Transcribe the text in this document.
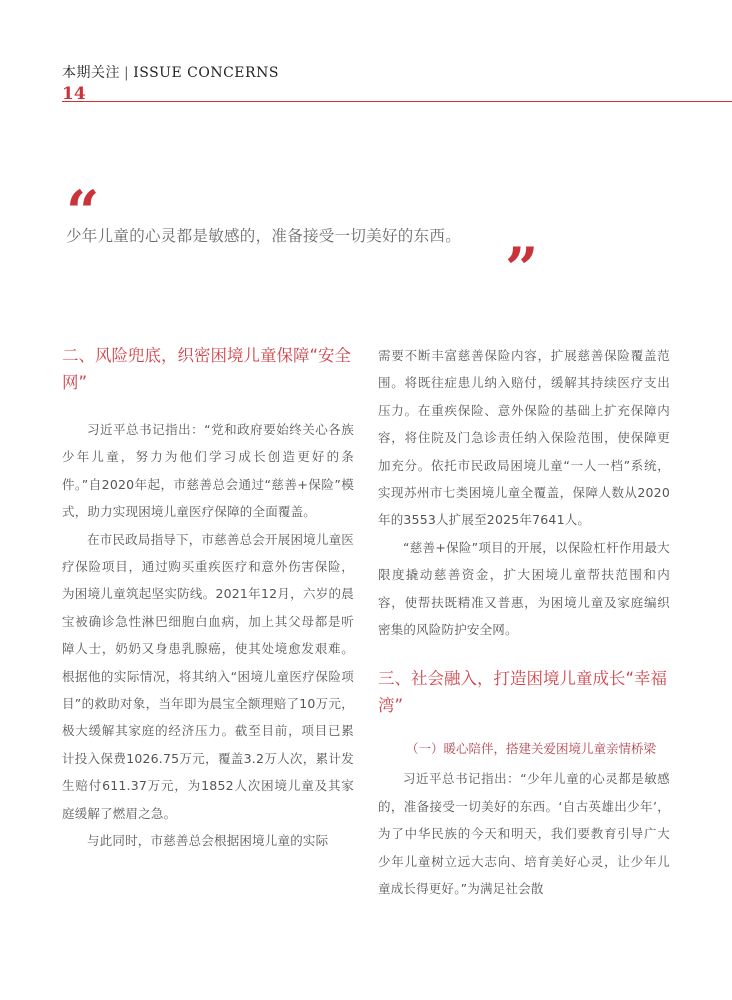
本期关注 | ISSUE CONCERNS
14
“
少年儿童的心灵都是敏感的，准备接受一切美好的东西。 ”
二、风险兜底，织密困境儿童保障“安全网”

习近平总书记指出：“党和政府要始终关心各族少年儿童，努力为他们学习成长创造更好的条件。”自2020年起，市慈善总会通过“慈善+保险”模式，助力实现困境儿童医疗保障的全面覆盖。

在市民政局指导下，市慈善总会开展困境儿童医疗保险项目，通过购买重疾医疗和意外伤害保险，为困境儿童筑起坚实防线。2021年12月，六岁的晨宝被确诊急性淋巴细胞白血病，加上其父母都是听障人士，奶奶又身患乳腺癌，使其处境愈发艰难。根据他的实际情况，将其纳入“困境儿童医疗保险项目”的救助对象，当年即为晨宝全额理赔了10万元，极大缓解其家庭的经济压力。截至目前，项目已累计投入保费1026.75万元，覆盖3.2万人次，累计发生赔付611.37万元，为1852人次困境儿童及其家庭缓解了燃眉之急。

与此同时，市慈善总会根据困境儿童的实际

需要不断丰富慈善保险内容，扩展慈善保险覆盖范围。将既往症患儿纳入赔付，缓解其持续医疗支出压力。在重疾保险、意外保险的基础上扩充保障内容，将住院及门急诊责任纳入保险范围，使保障更加充分。依托市民政局困境儿童“一人一档”系统，实现苏州市七类困境儿童全覆盖，保障人数从2020年的3553人扩展至2025年7641人。

“慈善+保险”项目的开展，以保险杠杆作用最大限度撬动慈善资金，扩大困境儿童帮扶范围和内容，使帮扶既精准又普惠，为困境儿童及家庭编织密集的风险防护安全网。

三、社会融入，打造困境儿童成长“幸福湾”
（一）暖心陪伴，搭建关爱困境儿童亲情桥梁

习近平总书记指出：“少年儿童的心灵都是敏感的，准备接受一切美好的东西。‘自古英雄出少年’，为了中华民族的今天和明天，我们要教育引导广大少年儿童树立远大志向、培育美好心灵，让少年儿童成长得更好。”为满足社会散
